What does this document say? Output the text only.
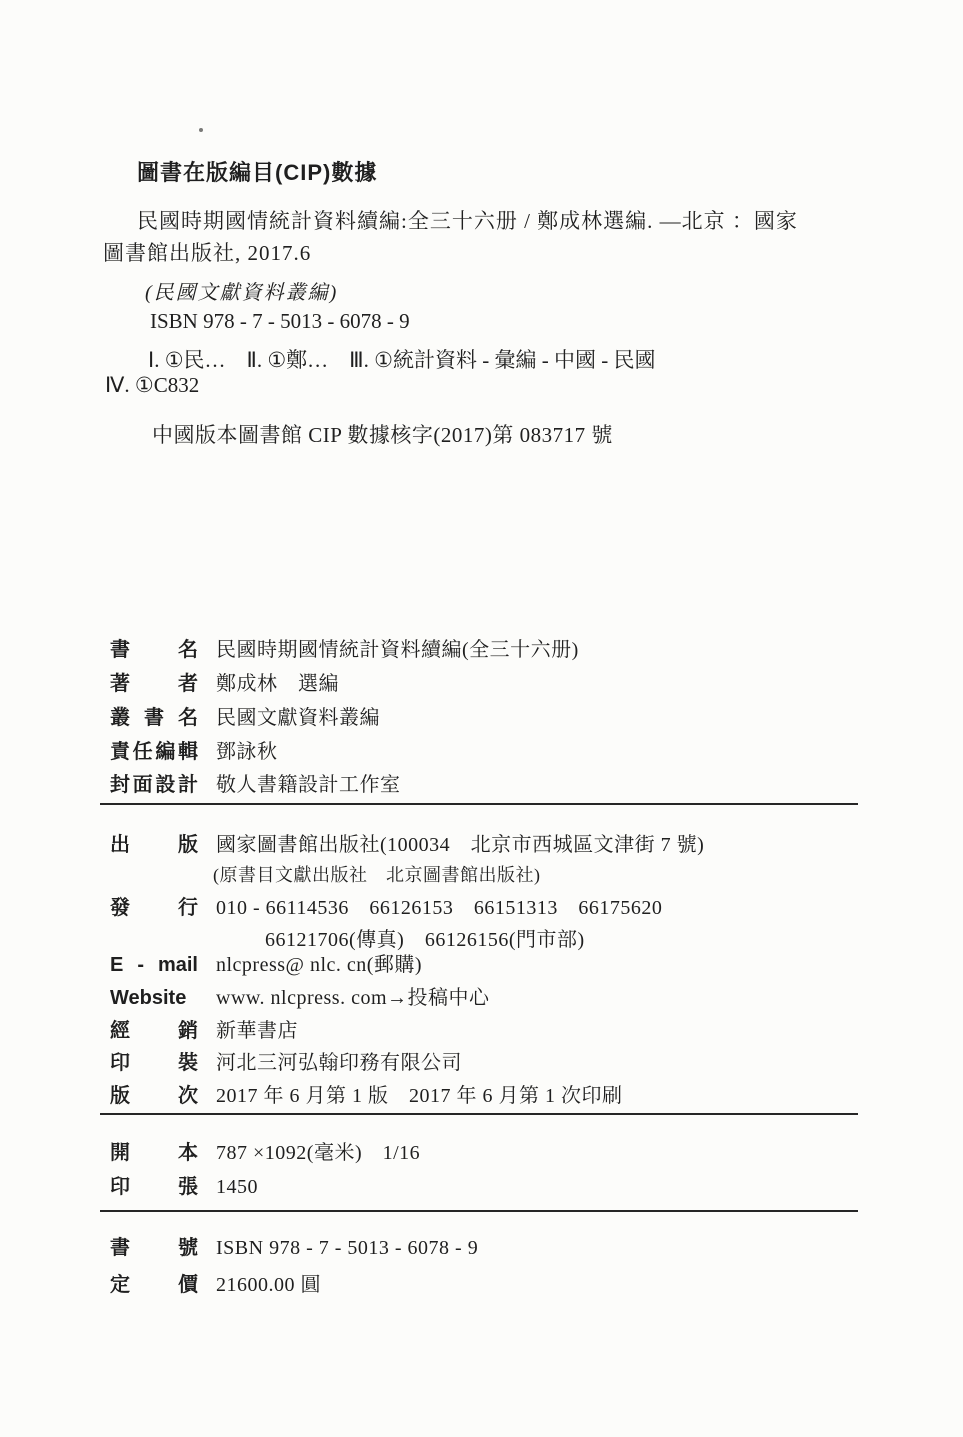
圖書在版編目(CIP)數據
民國時期國情統計資料續編:全三十六册 / 鄭成林選編. —北京 ：國家
圖書館出版社, 2017.6
(民國文獻資料叢編)
ISBN 978 - 7 - 5013 - 6078 - 9
Ⅰ. ①民…　Ⅱ. ①鄭…　Ⅲ. ①統計資料 - 彙編 - 中國 - 民國
Ⅳ. ①C832
中國版本圖書館 CIP 數據核字(2017)第 083717 號
書 名 民國時期國情統計資料續編(全三十六册)
著 者 鄭成林　選編
叢 書 名 民國文獻資料叢編
責任編輯 鄧詠秋
封面設計 敬人書籍設計工作室
出 版 國家圖書館出版社(100034　北京市西城區文津街 7 號)
(原書目文獻出版社　北京圖書館出版社)
發 行 010 - 66114536　66126153　66151313　66175620
66121706(傳真)　66126156(門市部)
E - mail nlcpress@ nlc. cn(郵購)
Website	www. nlcpress. com→投稿中心
經 銷 新華書店
印 裝 河北三河弘翰印務有限公司
版 次 2017 年 6 月第 1 版　2017 年 6 月第 1 次印刷
開 本 787 ×1092(毫米)　1/16
印 張 1450
書 號 ISBN 978 - 7 - 5013 - 6078 - 9
定 價 21600.00 圓
